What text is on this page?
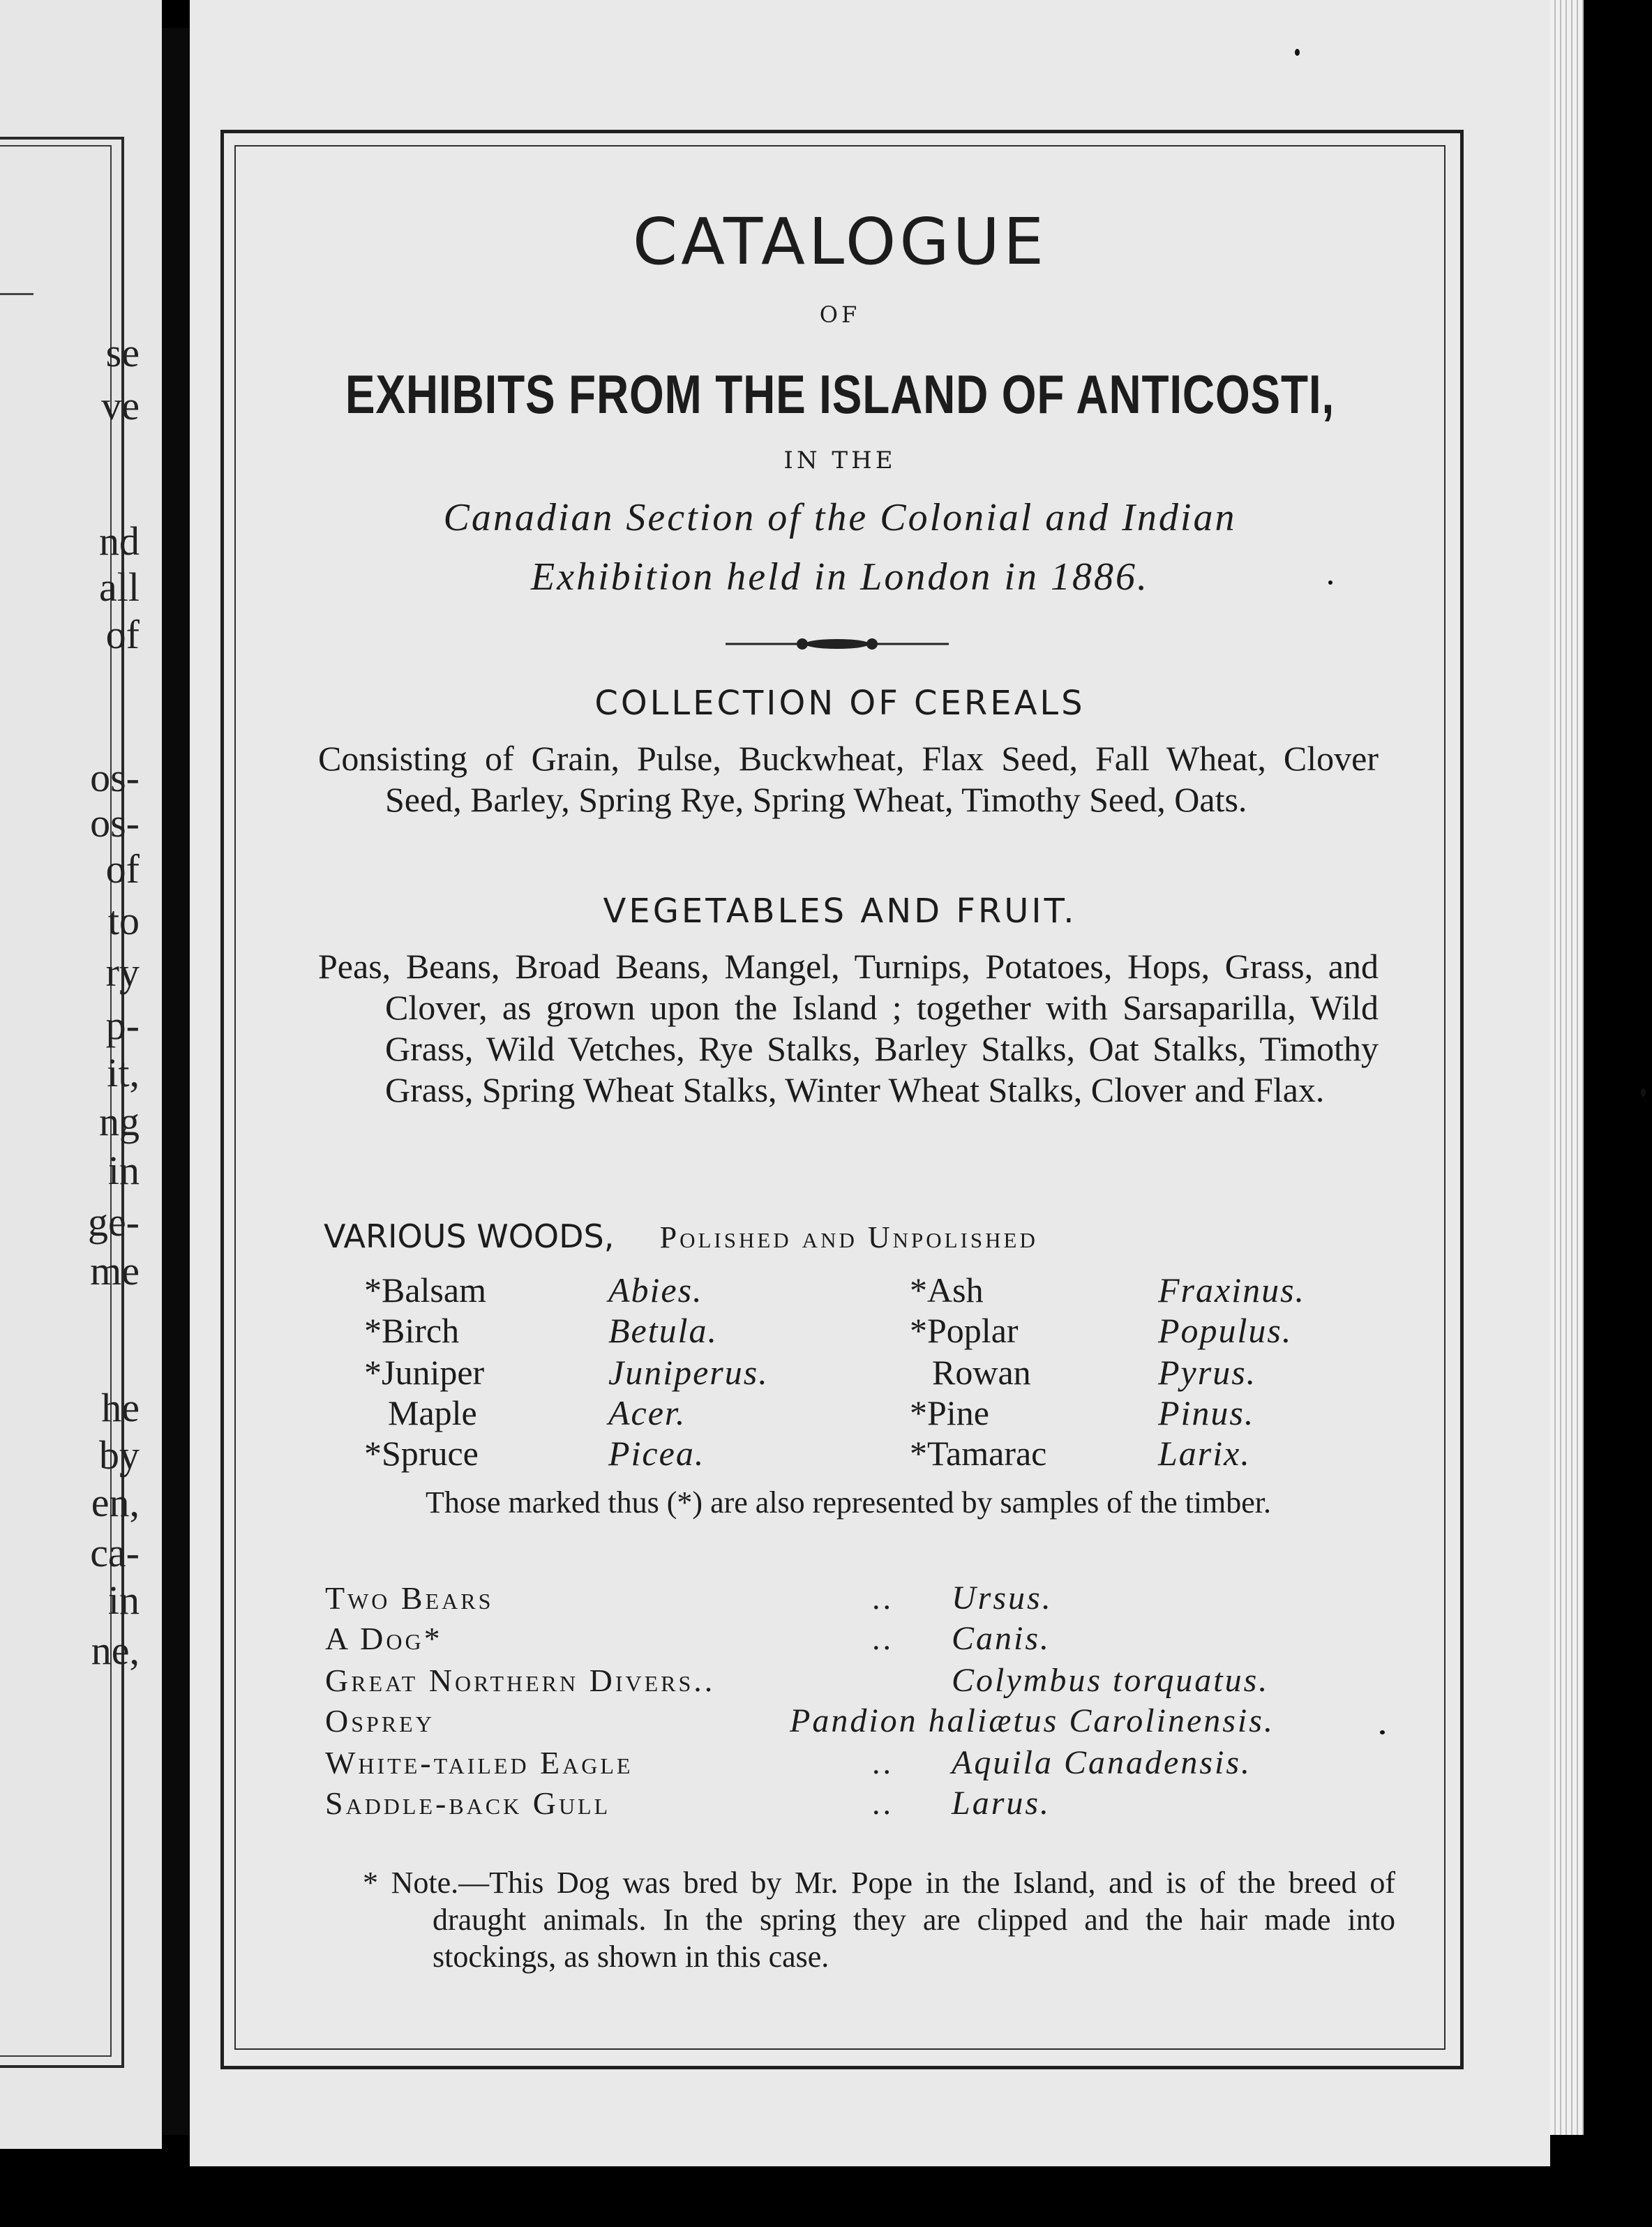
se
ve
nd
all
of
os-
os-
of
to
ry
p-
it,
ng
in
ge-
me
he
by
en,
ca-
in
ne,
CATALOGUE
OF
EXHIBITS FROM THE ISLAND OF ANTICOSTI,
IN THE
Canadian Section of the Colonial and Indian
Exhibition held in London in 1886.
COLLECTION OF CEREALS

Consisting of Grain, Pulse, Buckwheat, Flax Seed, Fall Wheat, Clover Seed, Barley, Spring Rye, Spring Wheat, Timothy Seed, Oats.

VEGETABLES AND FRUIT.

Peas, Beans, Broad Beans, Mangel, Turnips, Potatoes, Hops, Grass, and Clover, as grown upon the Island ; together with Sarsaparilla, Wild Grass, Wild Vetches, Rye Stalks, Barley Stalks, Oat Stalks, Timothy Grass, Spring Wheat Stalks, Winter Wheat Stalks, Clover and Flax.

VARIOUS WOODS, Polished and Unpolished
*Balsam	Abies.	*Ash	Fraxinus.
*Birch	Betula.	*Poplar	Populus.
*Juniper	Juniperus.	Rowan	Pyrus.
Maple	Acer.	*Pine	Pinus.
*Spruce	Picea.	*Tamarac	Larix.
Those marked thus (*) are also represented by samples of the timber.
Two Bears	.. Ursus.
A Dog*	.. Canis.
Great Northern Divers..	Colymbus torquatus.
Osprey	Pandion haliætus Carolinensis.
White-tailed Eagle	.. Aquila Canadensis.
Saddle-back Gull	.. Larus.

* Note.—This Dog was bred by Mr. Pope in the Island, and is of the breed of draught animals. In the spring they are clipped and the hair made into stockings, as shown in this case.
